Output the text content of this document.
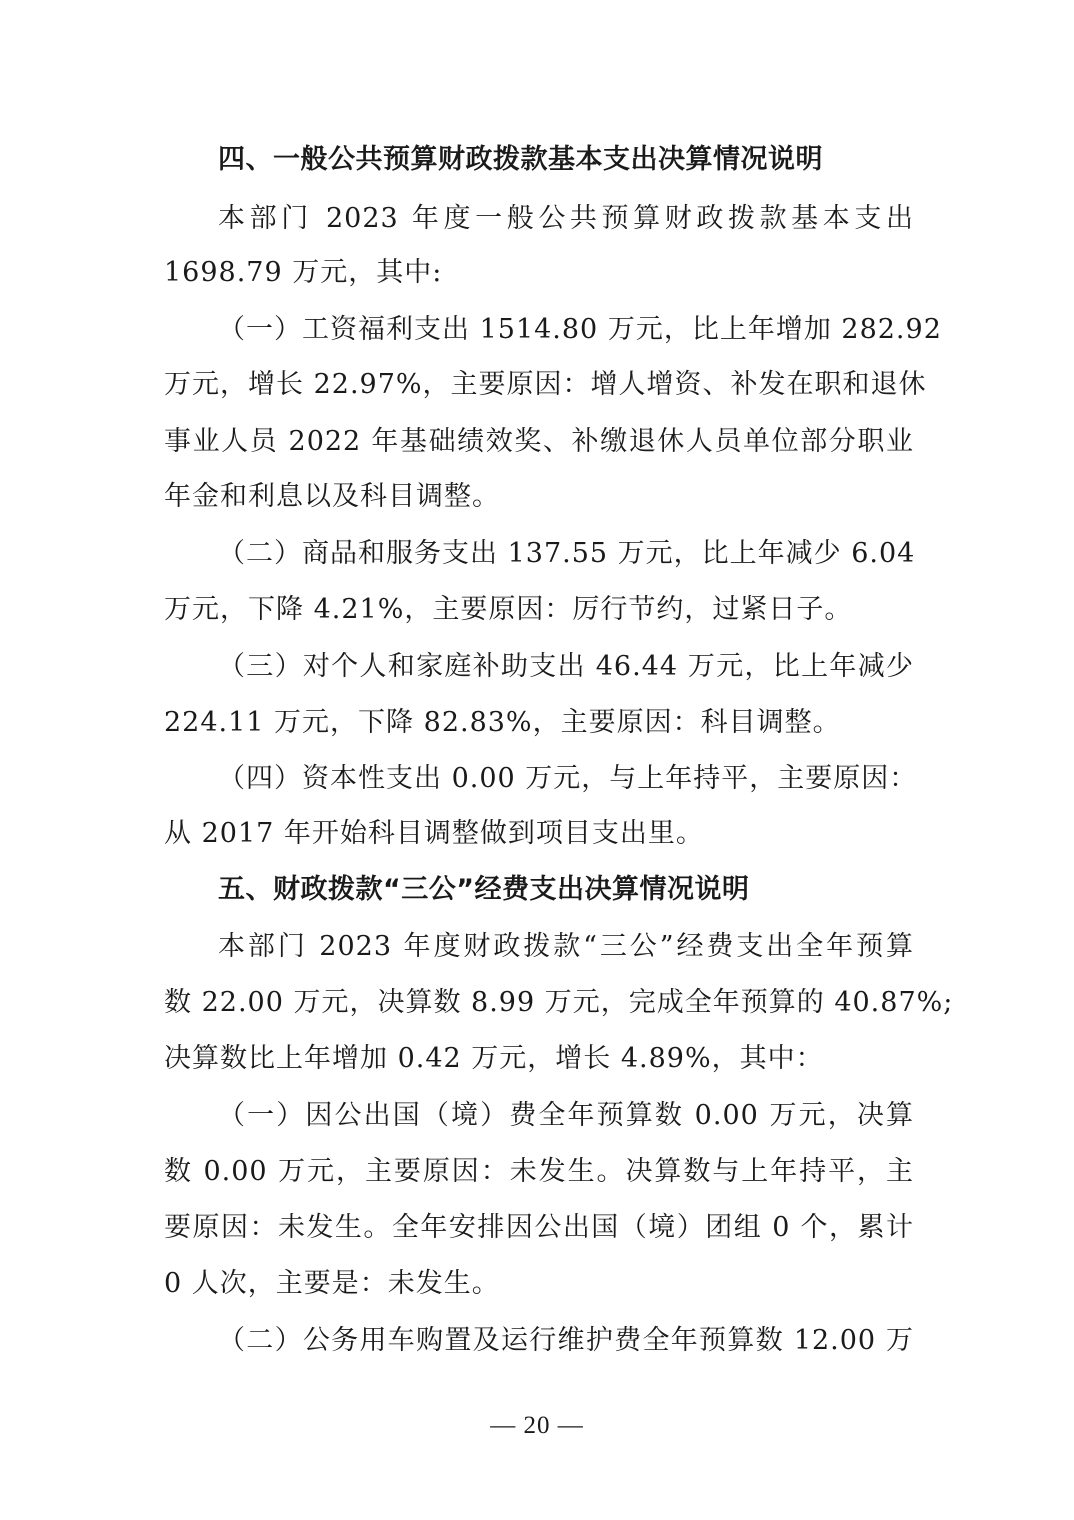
四、一般公共预算财政拨款基本支出决算情况说明
本部门 2023 年度一般公共预算财政拨款基本支出
1698.79 万元，其中:
（一）工资福利支出 1514.80 万元，比上年增加 282.92
万元，增长 22.97%，主要原因：增人增资、补发在职和退休
事业人员 2022 年基础绩效奖、补缴退休人员单位部分职业
年金和利息以及科目调整。
（二）商品和服务支出 137.55 万元，比上年减少 6.04
万元，下降 4.21%，主要原因：厉行节约，过紧日子。
（三）对个人和家庭补助支出 46.44 万元，比上年减少
224.11 万元，下降 82.83%，主要原因：科目调整。
（四）资本性支出 0.00 万元，与上年持平，主要原因：
从 2017 年开始科目调整做到项目支出里。
五、财政拨款“三公”经费支出决算情况说明
本部门 2023 年度财政拨款“三公”经费支出全年预算
数 22.00 万元，决算数 8.99 万元，完成全年预算的 40.87%;
决算数比上年增加 0.42 万元，增长 4.89%，其中：
（一）因公出国（境）费全年预算数 0.00 万元，决算
数 0.00 万元，主要原因：未发生。决算数与上年持平，主
要原因：未发生。全年安排因公出国（境）团组 0 个，累计
0 人次，主要是：未发生。
（二）公务用车购置及运行维护费全年预算数 12.00 万
— 20 —
